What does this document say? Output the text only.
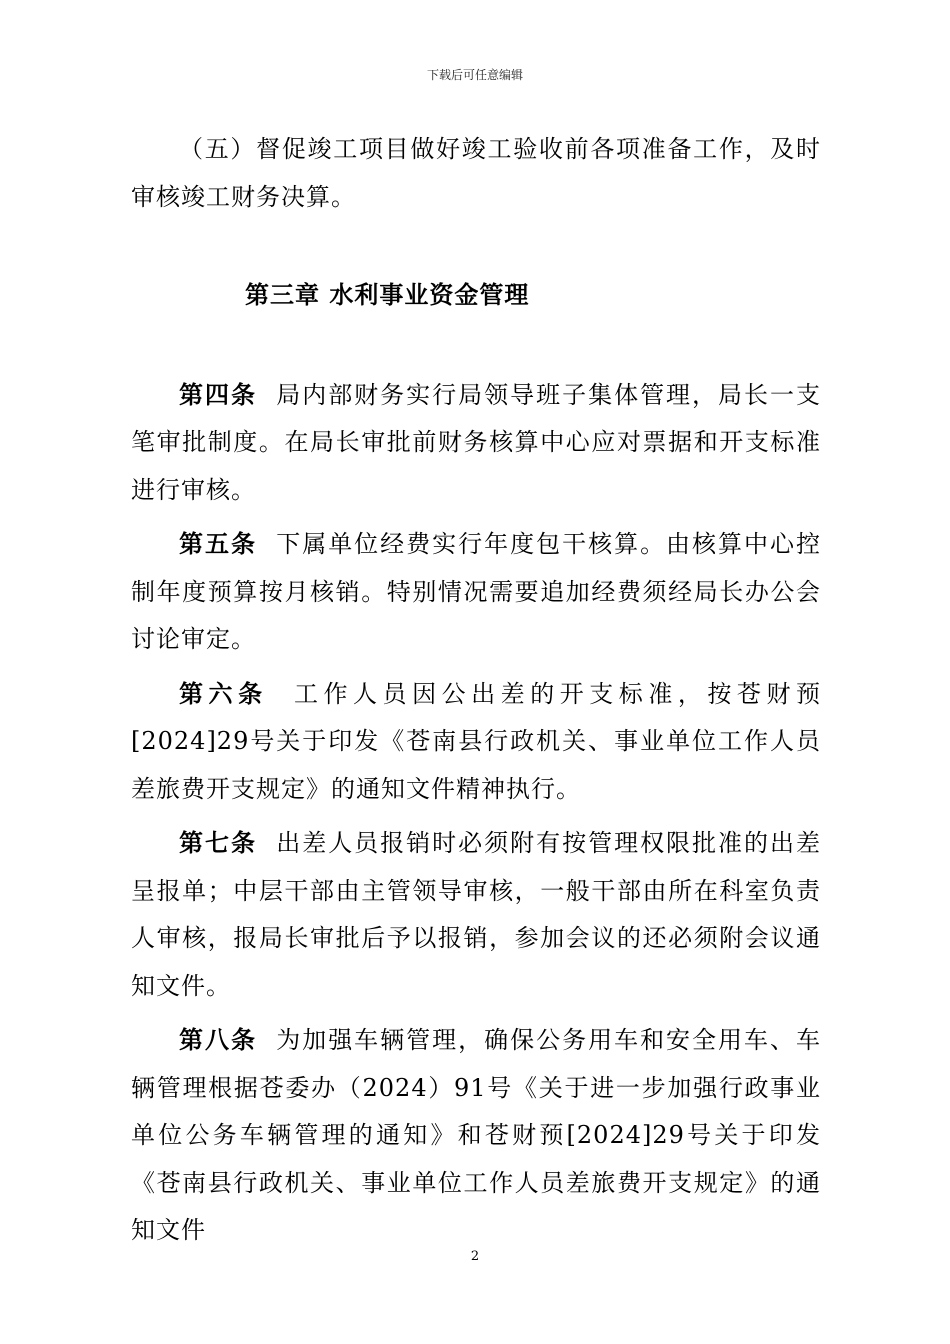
下载后可任意编辑

（五）督促竣工项目做好竣工验收前各项准备工作，及时审核竣工财务决算。

第三章 水利事业资金管理

第四条 局内部财务实行局领导班子集体管理，局长一支笔审批制度。在局长审批前财务核算中心应对票据和开支标准进行审核。

第五条 下属单位经费实行年度包干核算。由核算中心控制年度预算按月核销。特别情况需要追加经费须经局长办公会讨论审定。

第六条 工作人员因公出差的开支标准，按苍财预[2024]29号关于印发《苍南县行政机关、事业单位工作人员差旅费开支规定》的通知文件精神执行。

第七条 出差人员报销时必须附有按管理权限批准的出差呈报单；中层干部由主管领导审核，一般干部由所在科室负责人审核，报局长审批后予以报销，参加会议的还必须附会议通知文件。

第八条 为加强车辆管理，确保公务用车和安全用车、车辆管理根据苍委办（2024）91号《关于进一步加强行政事业单位公务车辆管理的通知》和苍财预[2024]29号关于印发《苍南县行政机关、事业单位工作人员差旅费开支规定》的通知文件

2
